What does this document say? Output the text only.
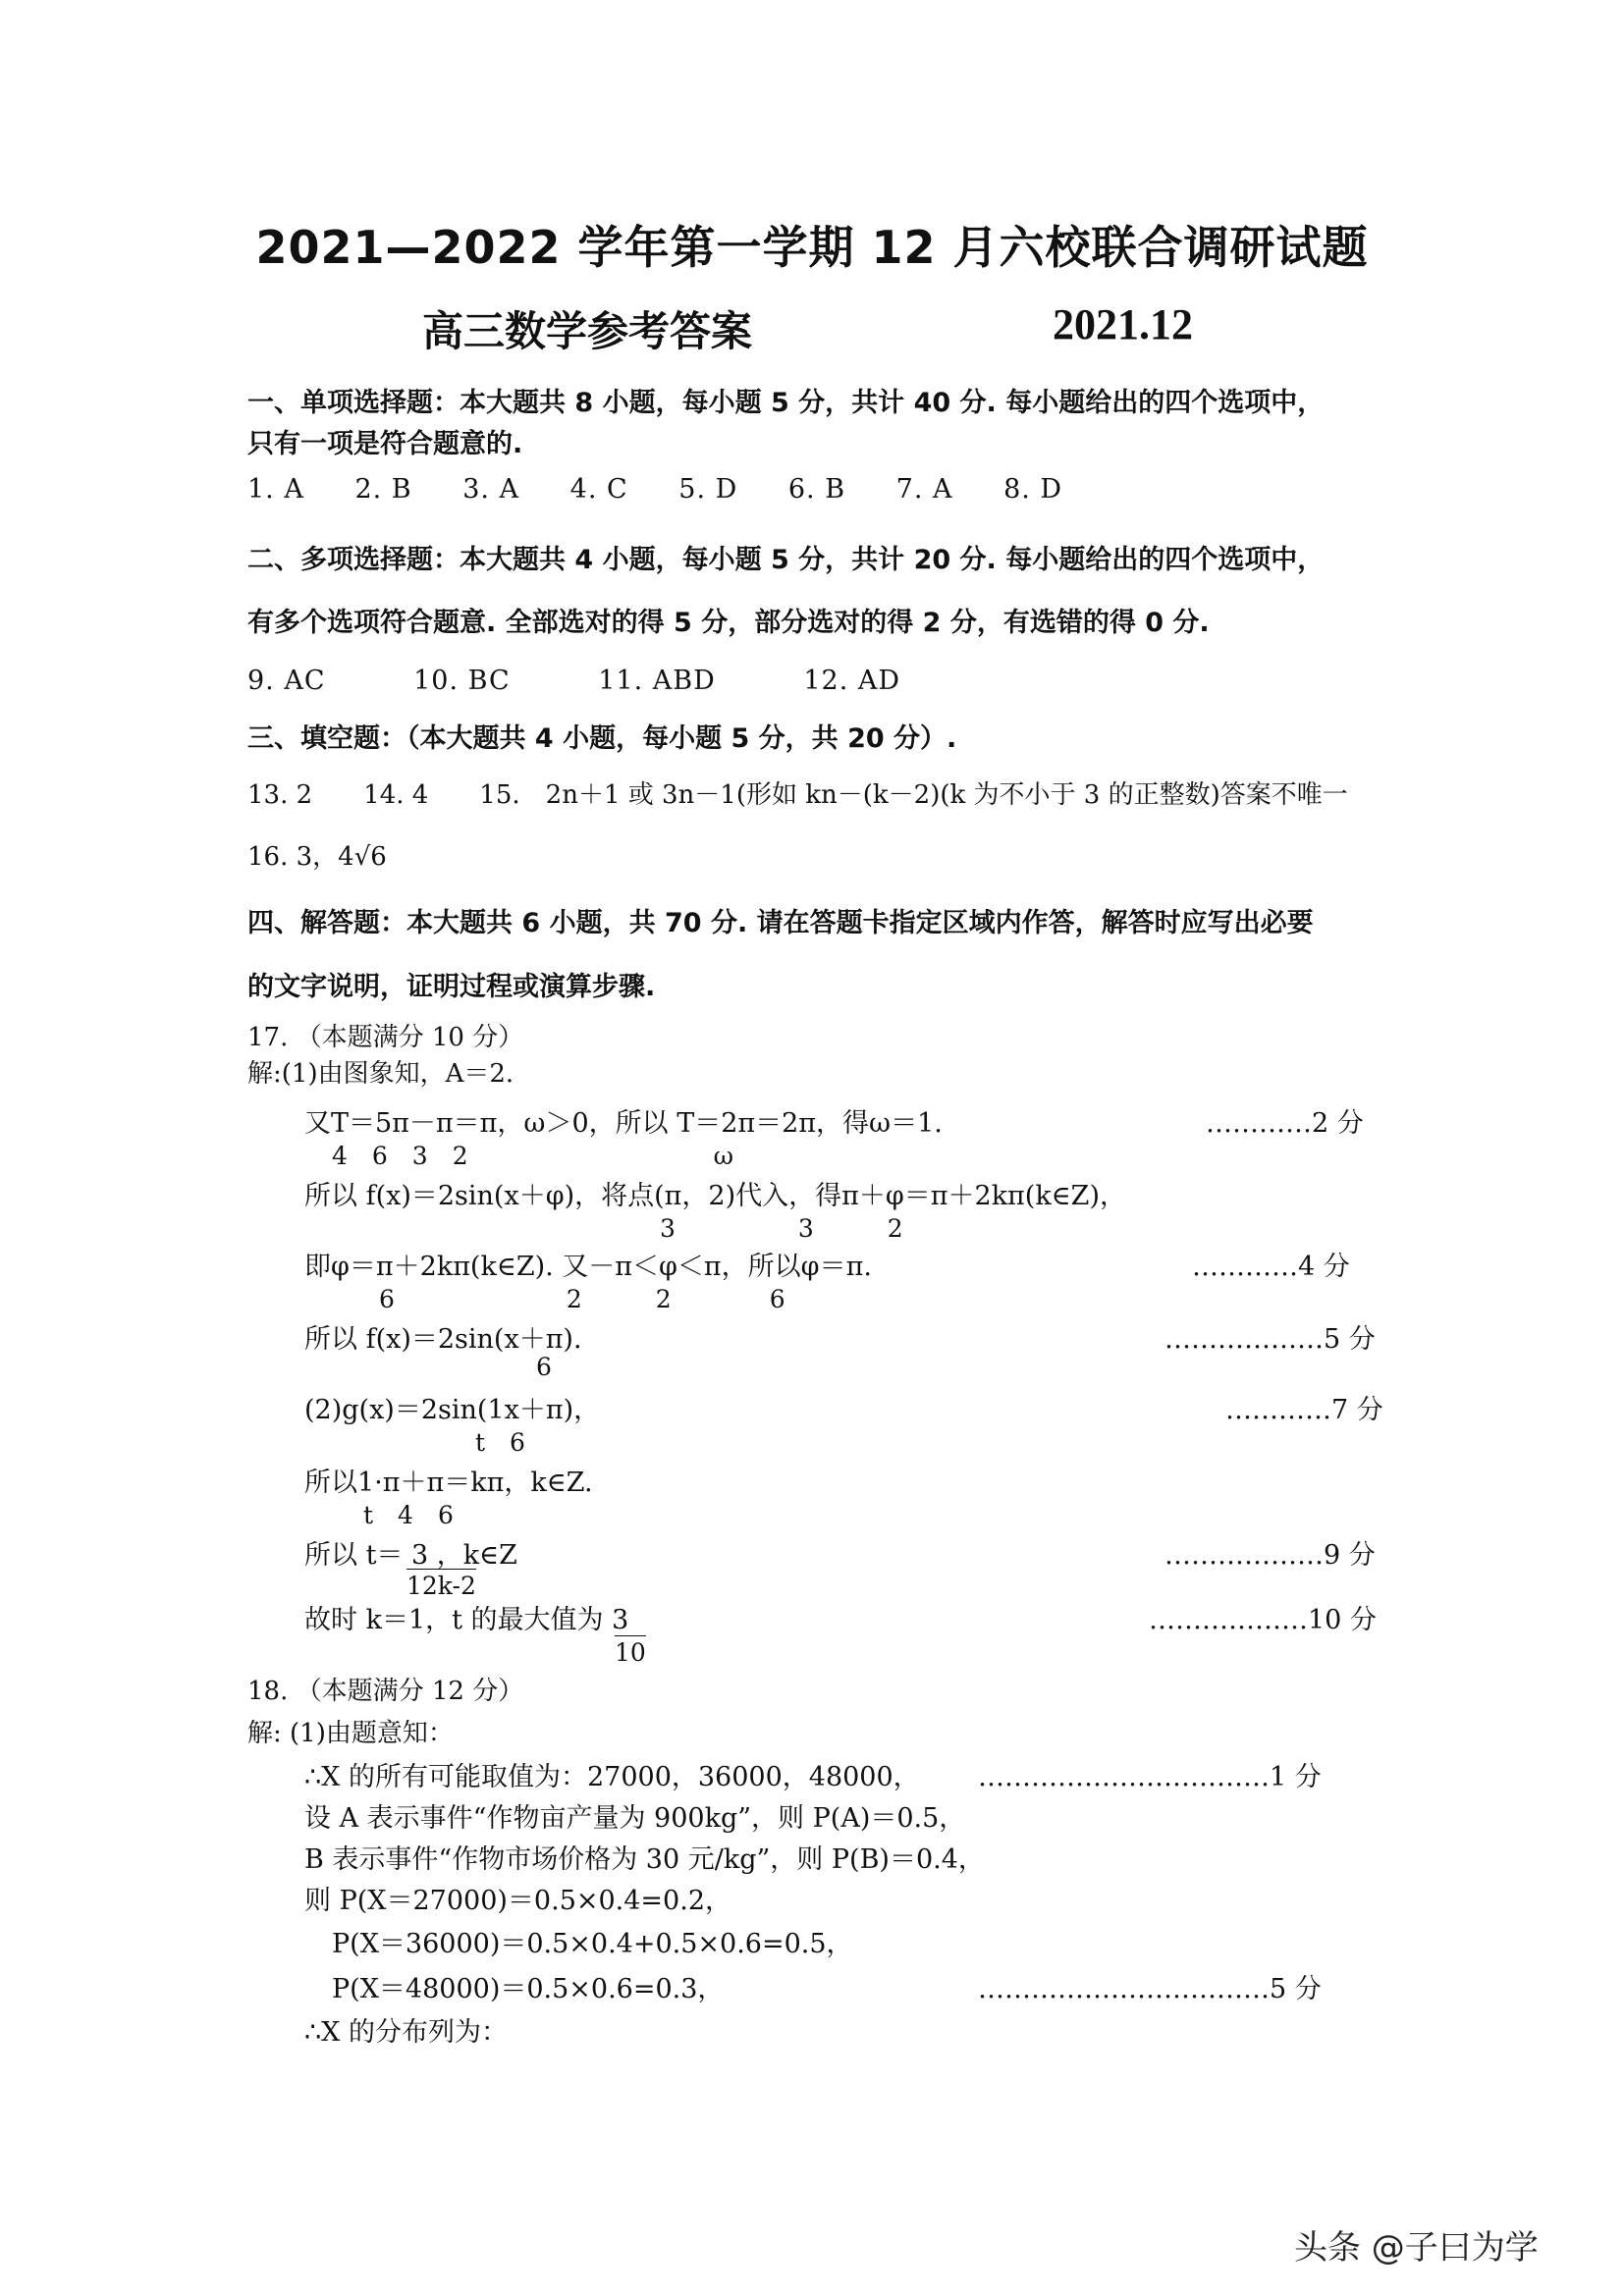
2021—2022 学年第一学期 12 月六校联合调研试题
高三数学参考答案	2021.12
一、单项选择题：本大题共 8 小题，每小题 5 分，共计 40 分. 每小题给出的四个选项中，
只有一项是符合题意的.
1. A 2. B 3. A 4. C 5. D 6. B 7. A 8. D
二、多项选择题：本大题共 4 小题，每小题 5 分，共计 20 分. 每小题给出的四个选项中，
有多个选项符合题意. 全部选对的得 5 分，部分选对的得 2 分，有选错的得 0 分.
9. AC	10. BC	11. ABD	12. AD
三、填空题：（本大题共 4 小题，每小题 5 分，共 20 分）.
13. 2　　14. 4　　15.　2n＋1 或 3n－1(形如 kn－(k－2)(k 为不小于 3 的正整数)答案不唯一
16. 3，4√6
四、解答题：本大题共 6 小题，共 70 分. 请在答题卡指定区域内作答，解答时应写出必要
的文字说明，证明过程或演算步骤.
17. （本题满分 10 分）
解:(1)由图象知，A＝2.
又T＝5π－π＝π，ω＞0，所以 T＝2π＝2π，得ω＝1.
4　6　3　2　　　　　　　　　　ω
…………2 分
所以 f(x)＝2sin(x＋φ)，将点(π，2)代入，得π＋φ＝π＋2kπ(k∈Z)，
3　　　　　3　　　2
即φ＝π＋2kπ(k∈Z). 又－π＜φ＜π，所以φ＝π.
6　　　　　　　2　　　2　　　　6
…………4 分
所以 f(x)＝2sin(x＋π).
6
………………5 分
(2)g(x)＝2sin(1x＋π)，
t　6
…………7 分
所以1·π＋π＝kπ，k∈Z.
t　4　6
所以 t＝ 3 ，k∈Z
12k-2
………………9 分
故时 k＝1，t 的最大值为 3
10
………………10 分
18. （本题满分 12 分）
解: (1)由题意知：
∴X 的所有可能取值为：27000，36000，48000， ……………………………1 分
设 A 表示事件“作物亩产量为 900kg”，则 P(A)＝0.5，
B 表示事件“作物市场价格为 30 元/kg”，则 P(B)＝0.4，
则 P(X＝27000)＝0.5×0.4=0.2，
P(X＝36000)＝0.5×0.4+0.5×0.6=0.5，
P(X＝48000)＝0.5×0.6=0.3，	……………………………5 分
∴X 的分布列为：
头条 @子曰为学
